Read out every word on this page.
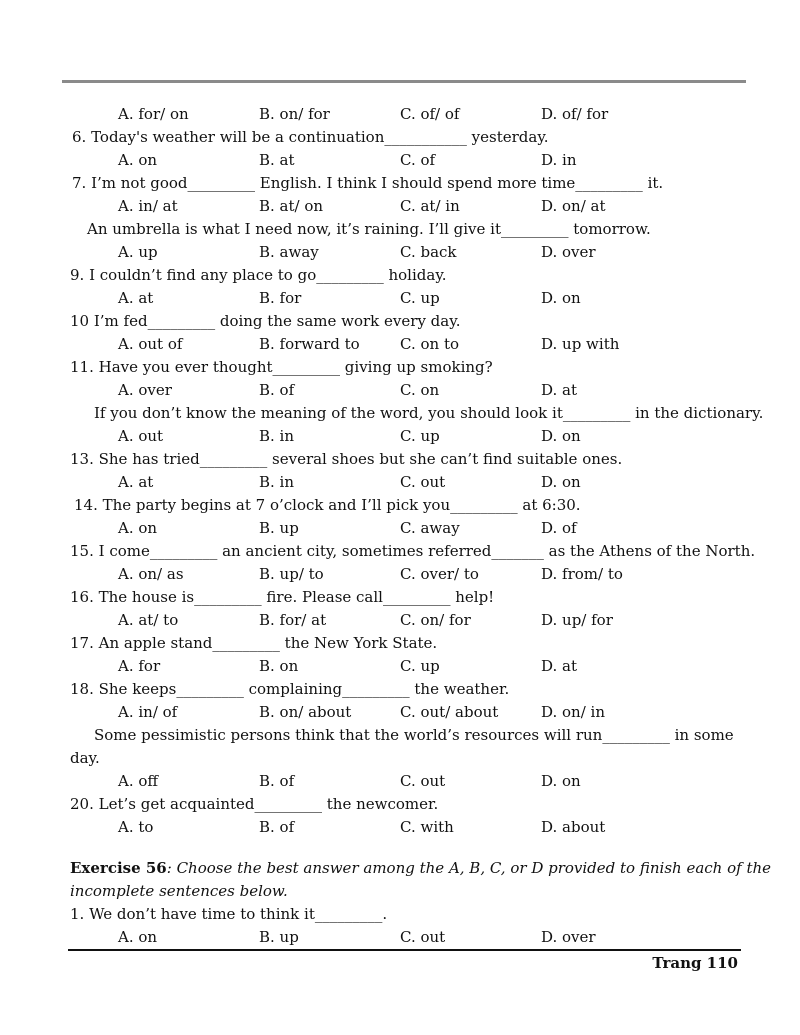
A. for/ on	B. on/ for	C. of/ of	D. of/ for
6. Today's weather will be a continuation___________ yesterday.
A. on	B. at	C. of	D. in
7. I’m not good_________ English. I think I should spend more time_________ it.
A. in/ at	B. at/ on	C. at/ in	D. on/ at
An umbrella is what I need now, it’s raining. I’ll give it_________ tomorrow.
A. up	B. away	C. back	D. over
9. I couldn’t find any place to go_________ holiday.
A. at	B. for	C. up	D. on
10 I’m fed_________ doing the same work every day.
A. out of	B. forward to	C. on to	D. up with
11. Have you ever thought_________ giving up smoking?
A. over	B. of	C. on	D. at
If you don’t know the meaning of the word, you should look it_________ in the dictionary.
A. out	B. in	C. up	D. on
13. She has tried_________ several shoes but she can’t find suitable ones.
A. at	B. in	C. out	D. on
14. The party begins at 7 o’clock and I’ll pick you_________ at 6:30.
A. on	B. up	C. away	D. of
15. I come_________ an ancient city, sometimes referred_______ as the Athens of the North.
A. on/ as	B. up/ to	C. over/ to	D. from/ to
16. The house is_________ fire. Please call_________ help!
A. at/ to	B. for/ at	C. on/ for	D. up/ for
17. An apple stand_________ the New York State.
A. for	B. on	C. up	D. at
18. She keeps_________ complaining_________ the weather.
A. in/ of	B. on/ about	C. out/ about	D. on/ in
Some pessimistic persons think that the world’s resources will run_________ in some
day.
A. off	B. of	C. out	D. on
20. Let’s get acquainted_________ the newcomer.
A. to	B. of	C. with	D. about
Exercise 56: Choose the best answer among the A, B, C, or D provided to finish each of the
incomplete sentences below.
1. We don’t have time to think it_________.
A. on	B. up	C. out	D. over
Trang 110
